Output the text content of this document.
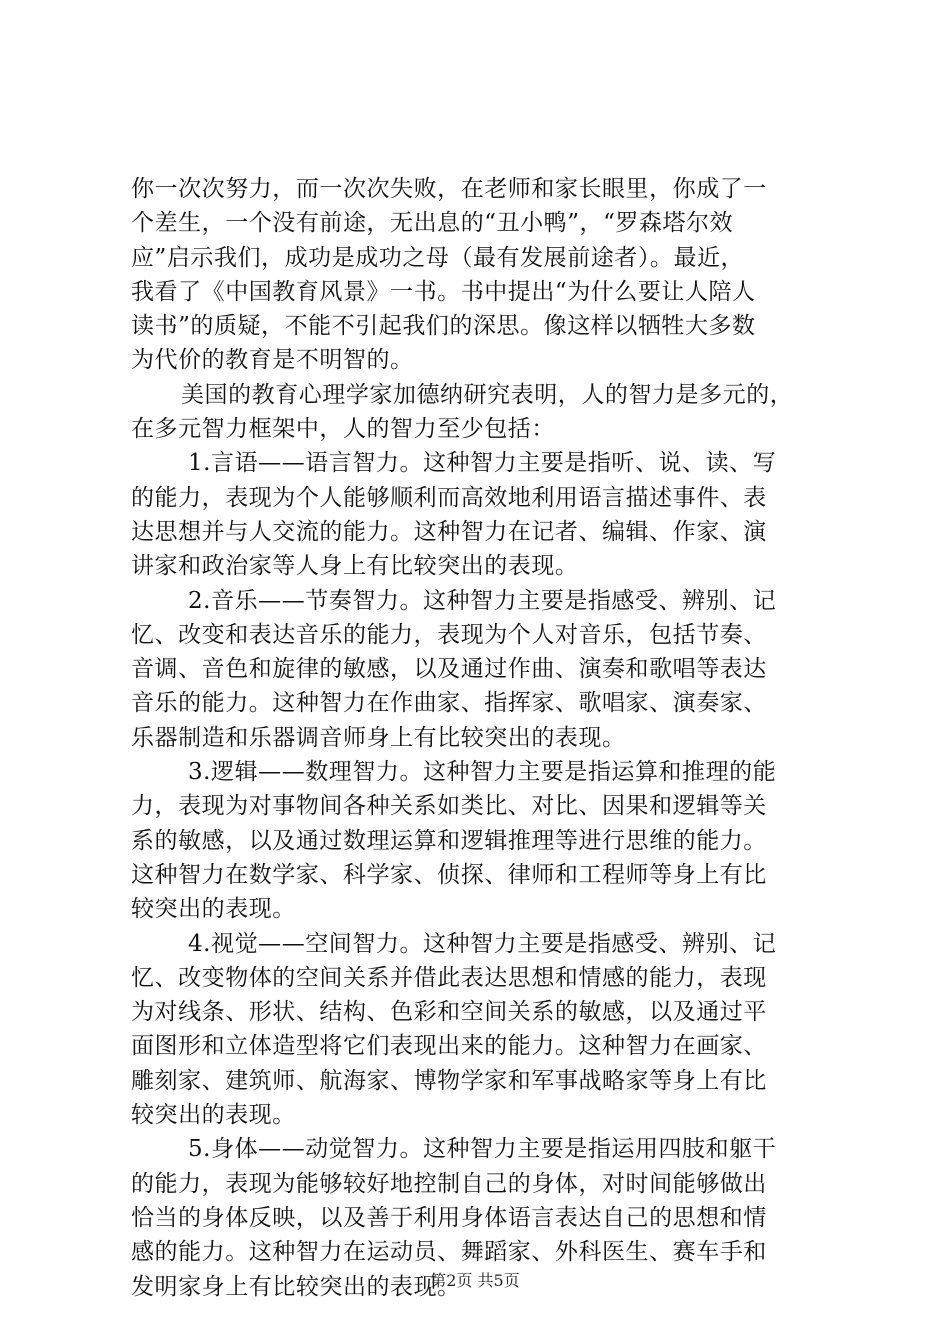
你一次次努力，而一次次失败，在老师和家长眼里，你成了一
个差生，一个没有前途，无出息的“丑小鸭”，“罗森塔尔效
应”启示我们，成功是成功之母（最有发展前途者）。最近，
我看了《中国教育风景》一书。书中提出“为什么要让人陪人
读书”的质疑，不能不引起我们的深思。像这样以牺牲大多数
为代价的教育是不明智的。
美国的教育心理学家加德纳研究表明，人的智力是多元的，
在多元智力框架中，人的智力至少包括：
1.言语——语言智力。这种智力主要是指听、说、读、写
的能力，表现为个人能够顺利而高效地利用语言描述事件、表
达思想并与人交流的能力。这种智力在记者、编辑、作家、演
讲家和政治家等人身上有比较突出的表现。
2.音乐——节奏智力。这种智力主要是指感受、辨别、记
忆、改变和表达音乐的能力，表现为个人对音乐，包括节奏、
音调、音色和旋律的敏感，以及通过作曲、演奏和歌唱等表达
音乐的能力。这种智力在作曲家、指挥家、歌唱家、演奏家、
乐器制造和乐器调音师身上有比较突出的表现。
3.逻辑——数理智力。这种智力主要是指运算和推理的能
力，表现为对事物间各种关系如类比、对比、因果和逻辑等关
系的敏感，以及通过数理运算和逻辑推理等进行思维的能力。
这种智力在数学家、科学家、侦探、律师和工程师等身上有比
较突出的表现。
4.视觉——空间智力。这种智力主要是指感受、辨别、记
忆、改变物体的空间关系并借此表达思想和情感的能力，表现
为对线条、形状、结构、色彩和空间关系的敏感，以及通过平
面图形和立体造型将它们表现出来的能力。这种智力在画家、
雕刻家、建筑师、航海家、博物学家和军事战略家等身上有比
较突出的表现。
5.身体——动觉智力。这种智力主要是指运用四肢和躯干
的能力，表现为能够较好地控制自己的身体，对时间能够做出
恰当的身体反映，以及善于利用身体语言表达自己的思想和情
感的能力。这种智力在运动员、舞蹈家、外科医生、赛车手和
发明家身上有比较突出的表现。
第2页 共5页
